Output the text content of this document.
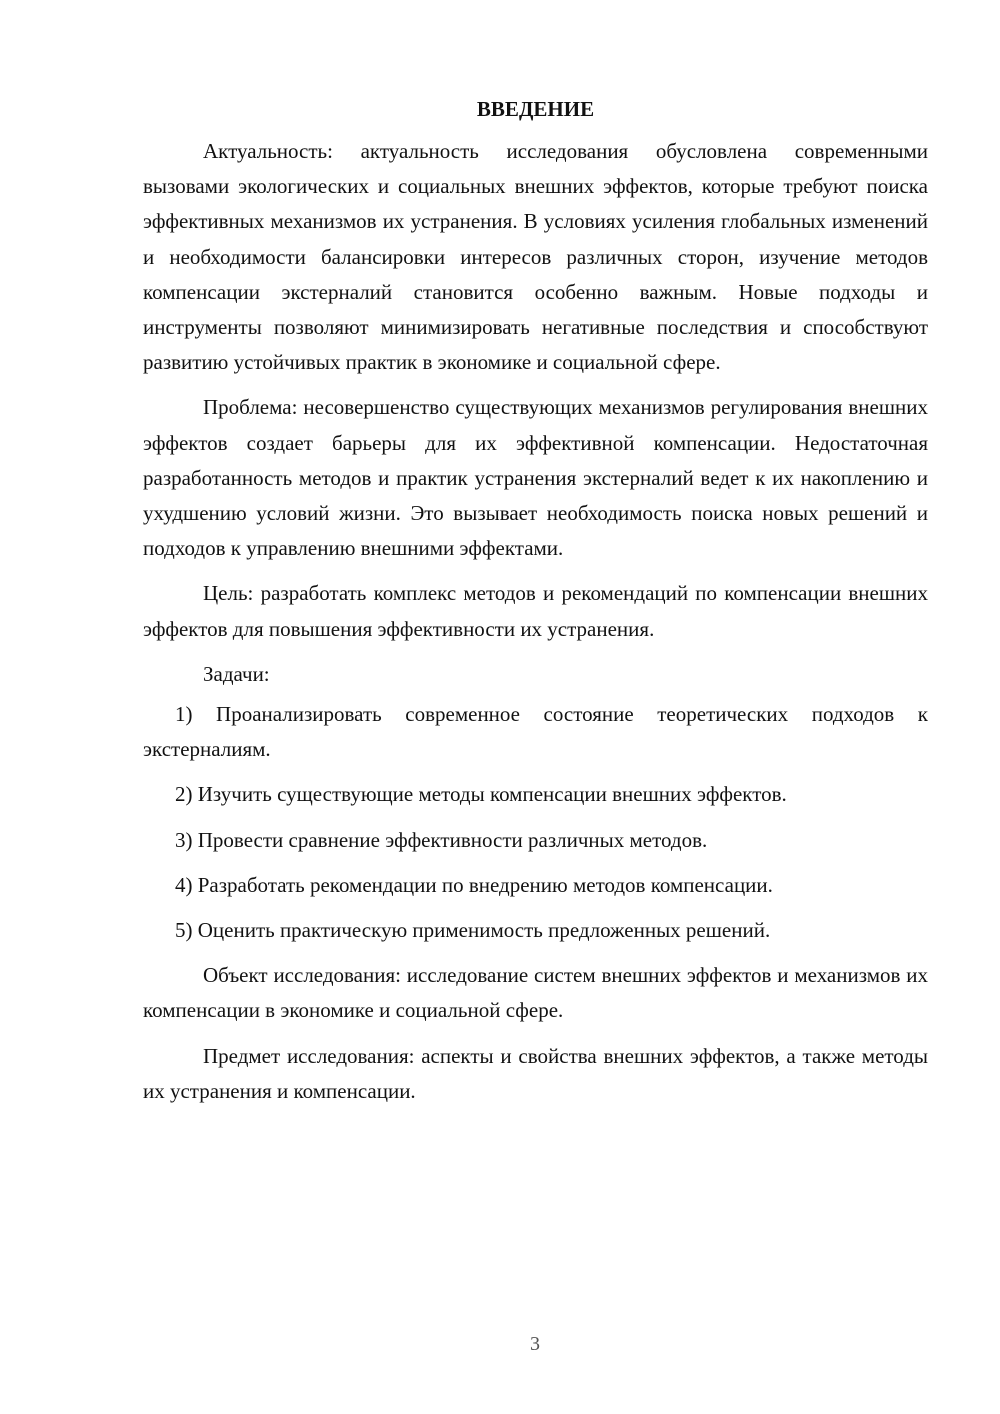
ВВЕДЕНИЕ

Актуальность: актуальность исследования обусловлена современными вызовами экологических и социальных внешних эффектов, которые требуют поиска эффективных механизмов их устранения. В условиях усиления глобальных изменений и необходимости балансировки интересов различных сторон, изучение методов компенсации экстерналий становится особенно важным. Новые подходы и инструменты позволяют минимизировать негативные последствия и способствуют развитию устойчивых практик в экономике и социальной сфере.

Проблема: несовершенство существующих механизмов регулирования внешних эффектов создает барьеры для их эффективной компенсации. Недостаточная разработанность методов и практик устранения экстерналий ведет к их накоплению и ухудшению условий жизни. Это вызывает необходимость поиска новых решений и подходов к управлению внешними эффектами.

Цель: разработать комплекс методов и рекомендаций по компенсации внешних эффектов для повышения эффективности их устранения.

Задачи:

1) Проанализировать современное состояние теоретических подходов к экстерналиям.

2) Изучить существующие методы компенсации внешних эффектов.

3) Провести сравнение эффективности различных методов.

4) Разработать рекомендации по внедрению методов компенсации.

5) Оценить практическую применимость предложенных решений.

Объект исследования: исследование систем внешних эффектов и механизмов их компенсации в экономике и социальной сфере.

Предмет исследования: аспекты и свойства внешних эффектов, а также методы их устранения и компенсации.

3
